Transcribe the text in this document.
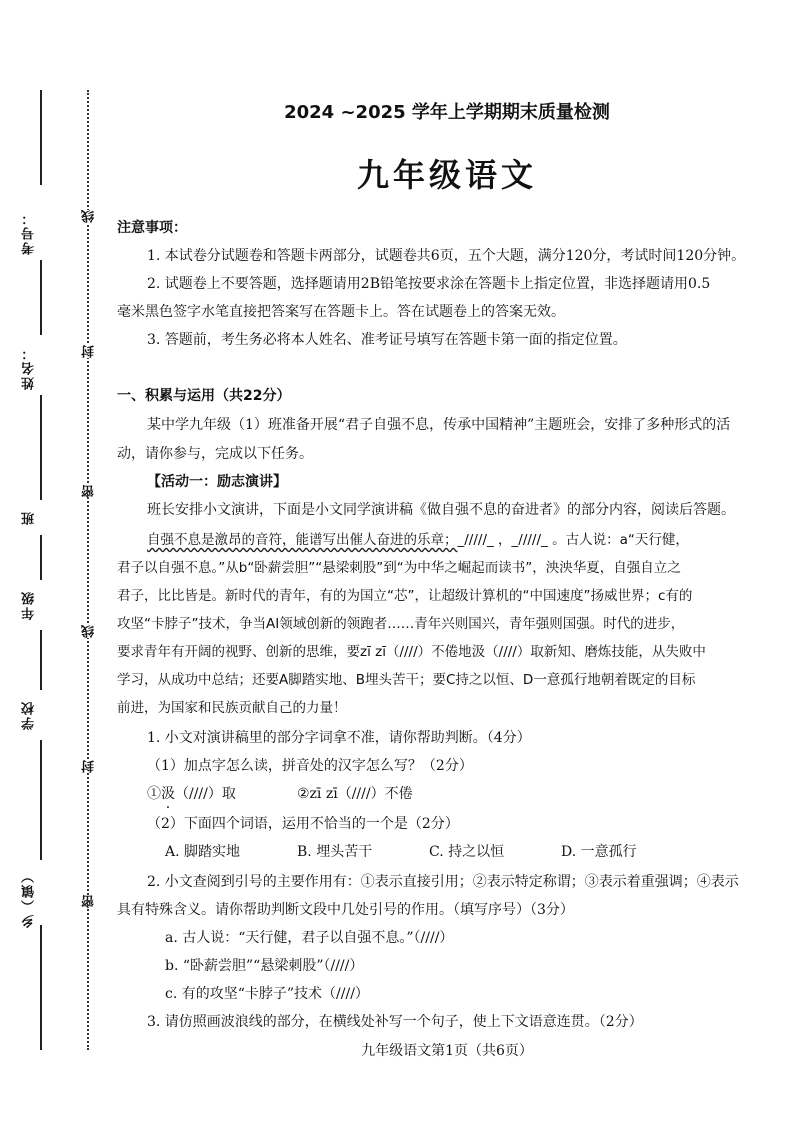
考号：
姓名：
班
年级
学校
乡（镇）
线
封
密
线
封
密
2024 ~2025 学年上学期期末质量检测
九年级语文
注意事项：
1. 本试卷分试题卷和答题卡两部分，试题卷共6页，五个大题，满分120分，考试时间120分钟。
2. 试题卷上不要答题，选择题请用2B铅笔按要求涂在答题卡上指定位置，非选择题请用0.5
毫米黑色签字水笔直接把答案写在答题卡上。答在试题卷上的答案无效。
3. 答题前，考生务必将本人姓名、准考证号填写在答题卡第一面的指定位置。
一、积累与运用（共22分）
某中学九年级（1）班准备开展“君子自强不息，传承中国精神”主题班会，安排了多种形式的活
动，请你参与，完成以下任务。
【活动一：励志演讲】
班长安排小文演讲，下面是小文同学演讲稿《做自强不息的奋进者》的部分内容，阅读后答题。
自强不息是激昂的音符，能谱写出催人奋进的乐章；_/////_ ，_/////_ 。古人说：a“天行健，
君子以自强不息。”从b“卧薪尝胆”“悬梁刺股”到“为中华之崛起而读书”，泱泱华夏，自强自立之
君子，比比皆是。新时代的青年，有的为国立“芯”，让超级计算机的“中国速度”扬威世界；c有的
攻坚“卡脖子”技术，争当AI领域创新的领跑者……青年兴则国兴，青年强则国强。时代的进步，
要求青年有开阔的视野、创新的思维，要zī zī（////）不倦地汲（////）取新知、磨炼技能，从失败中
学习，从成功中总结；还要A脚踏实地、B埋头苦干；要C持之以恒、D一意孤行地朝着既定的目标
前进，为国家和民族贡献自己的力量！
1. 小文对演讲稿里的部分字词拿不准，请你帮助判断。（4分）
（1）加点字怎么读，拼音处的汉字怎么写？（2分）
①汲（////）取	②zī zī（////）不倦
（2）下面四个词语，运用不恰当的一个是（2分）
A. 脚踏实地	B. 埋头苦干	C. 持之以恒	D. 一意孤行
2. 小文查阅到引号的主要作用有：①表示直接引用；②表示特定称谓；③表示着重强调；④表示
具有特殊含义。请你帮助判断文段中几处引号的作用。（填写序号）（3分）
a. 古人说：“天行健，君子以自强不息。”（////）
b. “卧薪尝胆”“悬梁刺股”（////）
c. 有的攻坚“卡脖子”技术（////）
3. 请仿照画波浪线的部分，在横线处补写一个句子，使上下文语意连贯。（2分）
九年级语文第1页（共6页）
